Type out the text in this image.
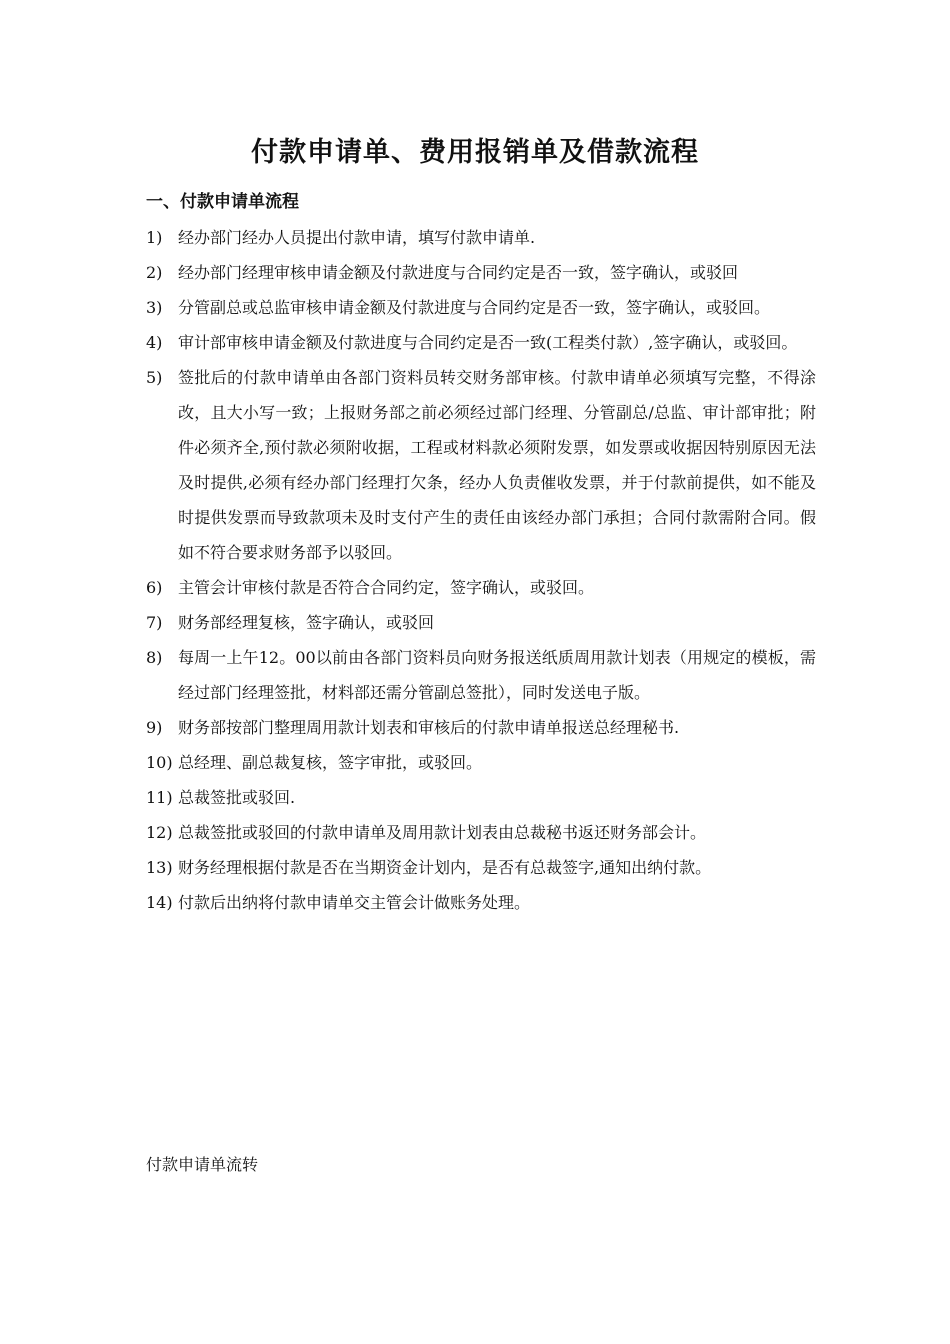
付款申请单、费用报销单及借款流程
一、付款申请单流程
1) 经办部门经办人员提出付款申请，填写付款申请单.
2) 经办部门经理审核申请金额及付款进度与合同约定是否一致，签字确认，或驳回
3) 分管副总或总监审核申请金额及付款进度与合同约定是否一致，签字确认，或驳回。
4) 审计部审核申请金额及付款进度与合同约定是否一致(工程类付款）,签字确认，或驳回。
5) 签批后的付款申请单由各部门资料员转交财务部审核。付款申请单必须填写完整，不得涂改，且大小写一致；上报财务部之前必须经过部门经理、分管副总/总监、审计部审批；附件必须齐全,预付款必须附收据，工程或材料款必须附发票，如发票或收据因特别原因无法及时提供,必须有经办部门经理打欠条，经办人负责催收发票，并于付款前提供，如不能及时提供发票而导致款项未及时支付产生的责任由该经办部门承担；合同付款需附合同。假如不符合要求财务部予以驳回。
6) 主管会计审核付款是否符合合同约定，签字确认，或驳回。
7) 财务部经理复核，签字确认，或驳回
8) 每周一上午12。00以前由各部门资料员向财务报送纸质周用款计划表（用规定的模板，需经过部门经理签批，材料部还需分管副总签批），同时发送电子版。
9) 财务部按部门整理周用款计划表和审核后的付款申请单报送总经理秘书.
10) 总经理、副总裁复核，签字审批，或驳回。
11) 总裁签批或驳回.
12) 总裁签批或驳回的付款申请单及周用款计划表由总裁秘书返还财务部会计。
13) 财务经理根据付款是否在当期资金计划内，是否有总裁签字,通知出纳付款。
14) 付款后出纳将付款申请单交主管会计做账务处理。
付款申请单流转
